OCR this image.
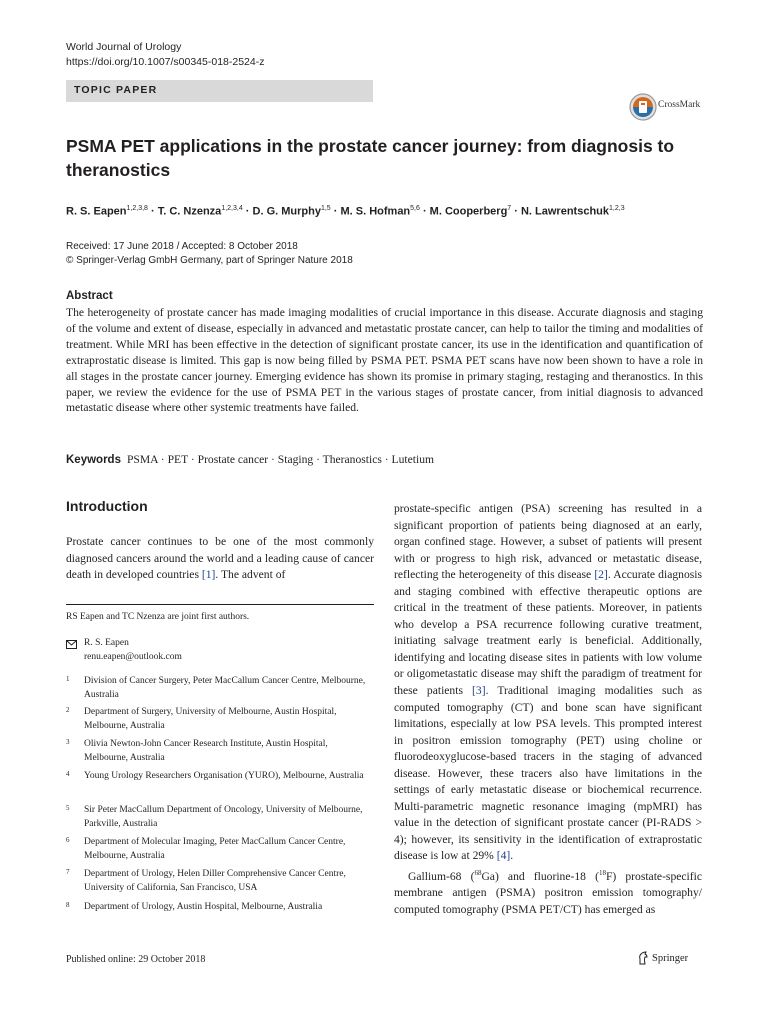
World Journal of Urology
https://doi.org/10.1007/s00345-018-2524-z
TOPIC PAPER
CrossMark
PSMA PET applications in the prostate cancer journey: from diagnosis to theranostics
R. S. Eapen$^{1,2,3,8}$ · T. C. Nzenza$^{1,2,3,4}$ · D. G. Murphy$^{1,5}$ · M. S. Hofman$^{5,6}$ · M. Cooperberg$^7$ · N. Lawrentschuk$^{1,2,3}$
Received: 17 June 2018 / Accepted: 8 October 2018
© Springer-Verlag GmbH Germany, part of Springer Nature 2018
Abstract
The heterogeneity of prostate cancer has made imaging modalities of crucial importance in this disease. Accurate diagnosis and staging of the volume and extent of disease, especially in advanced and metastatic prostate cancer, can help to tailor the timing and modalities of treatment. While MRI has been effective in the detection of significant prostate cancer, its use in the identification and quantification of extraprostatic disease is limited. This gap is now being filled by PSMA PET. PSMA PET scans have now been shown to have a role in all stages in the prostate cancer journey. Emerging evidence has shown its promise in primary staging, restaging and theranostics. In this paper, we review the evidence for the use of PSMA PET in the various stages of prostate cancer, from initial diagnosis to advanced metastatic disease where other systemic treatments have failed.
Keywords PSMA · PET · Prostate cancer · Staging · Theranostics · Lutetium
Introduction
Prostate cancer continues to be one of the most commonly diagnosed cancers around the world and a leading cause of cancer death in developed countries [1]. The advent of
RS Eapen and TC Nzenza are joint first authors.
R. S. Eapen
renu.eapen@outlook.com
1 Division of Cancer Surgery, Peter MacCallum Cancer Centre, Melbourne, Australia
2 Department of Surgery, University of Melbourne, Austin Hospital, Melbourne, Australia
3 Olivia Newton-John Cancer Research Institute, Austin Hospital, Melbourne, Australia
4 Young Urology Researchers Organisation (YURO), Melbourne, Australia
5 Sir Peter MacCallum Department of Oncology, University of Melbourne, Parkville, Australia
6 Department of Molecular Imaging, Peter MacCallum Cancer Centre, Melbourne, Australia
7 Department of Urology, Helen Diller Comprehensive Cancer Centre, University of California, San Francisco, USA
8 Department of Urology, Austin Hospital, Melbourne, Australia
prostate-specific antigen (PSA) screening has resulted in a significant proportion of patients being diagnosed at an early, organ confined stage. However, a subset of patients will present with or progress to high risk, advanced or metastatic disease, reflecting the heterogeneity of this disease [2]. Accurate diagnosis and staging combined with effective therapeutic options are critical in the treatment of these patients. Moreover, in patients who develop a PSA recurrence following curative treatment, initiating salvage treatment early is beneficial. Additionally, identifying and locating disease sites in patients with low volume or oligometastatic disease may shift the paradigm of treatment for these patients [3]. Traditional imaging modalities such as computed tomography (CT) and bone scan have significant limitations, especially at low PSA levels. This prompted interest in positron emission tomography (PET) using choline or fluorodeoxyglucose-based tracers in the staging of advanced disease. However, these tracers also have limitations in the settings of early metastatic disease or biochemical recurrence. Multi-parametric magnetic resonance imaging (mpMRI) has value in the detection of significant prostate cancer (PI-RADS > 4); however, its sensitivity in the identification of extraprostatic disease is low at 29% [4].
Gallium-68 ($^{68}$Ga) and fluorine-18 ($^{18}$F) prostate-specific membrane antigen (PSMA) positron emission tomography/ computed tomography (PSMA PET/CT) has emerged as
Published online: 29 October 2018	Springer
